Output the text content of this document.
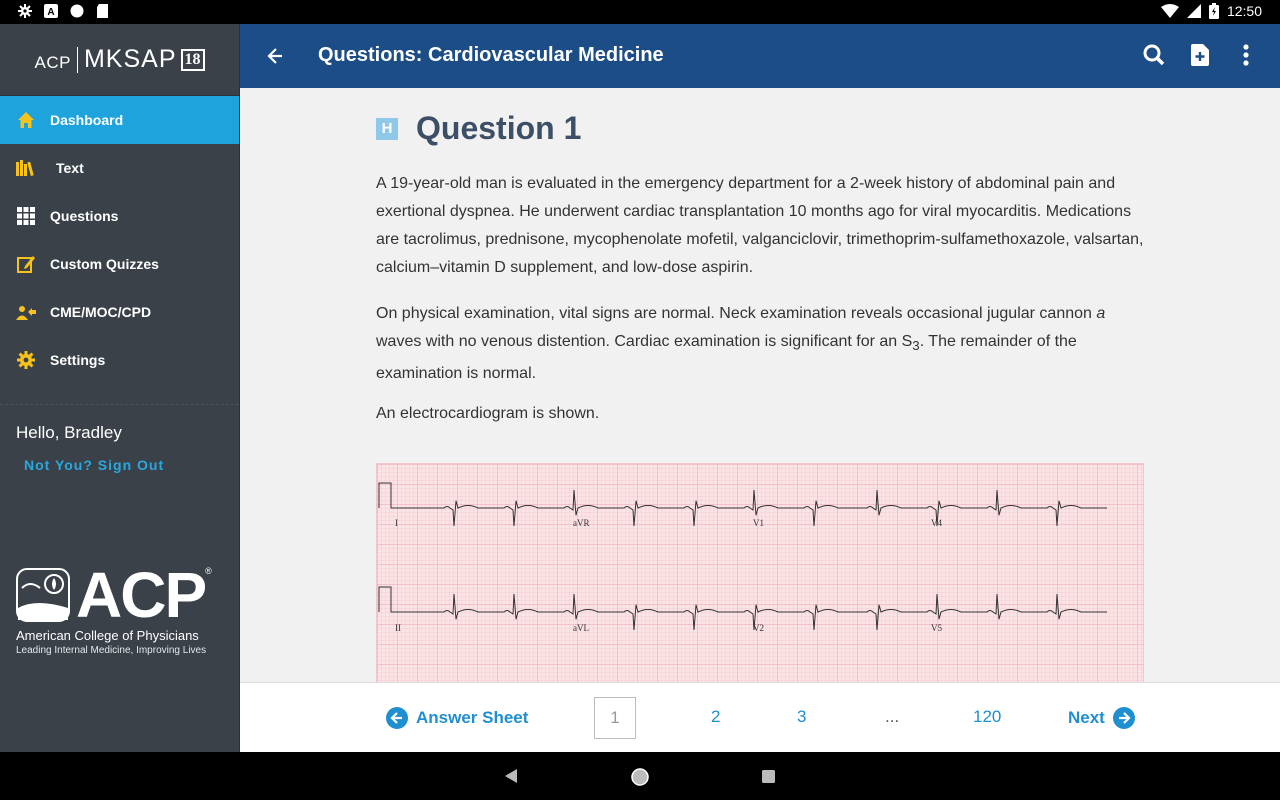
A	12:50
ACP MKSAP 18
Dashboard
Text
Questions
Custom Quizzes
CME/MOC/CPD
Settings
Hello, Bradley
Not You? Sign Out
ACP ®
American College of Physicians
Leading Internal Medicine, Improving Lives
Questions: Cardiovascular Medicine
H Question 1

A 19-year-old man is evaluated in the emergency department for a 2-week history of abdominal pain and exertional dyspnea. He underwent cardiac transplantation 10 months ago for viral myocarditis. Medications are tacrolimus, prednisone, mycophenolate mofetil, valganciclovir, trimethoprim-sulfamethoxazole, valsartan, calcium–vitamin D supplement, and low-dose aspirin.

On physical examination, vital signs are normal. Neck examination reveals occasional jugular cannon a waves with no venous distention. Cardiac examination is significant for an $S_3$. The remainder of the examination is normal.

An electrocardiogram is shown.

I	aVR	V1	V4
II	aVL	V2	V5
Answer Sheet	1	2	3	...	120	Next
